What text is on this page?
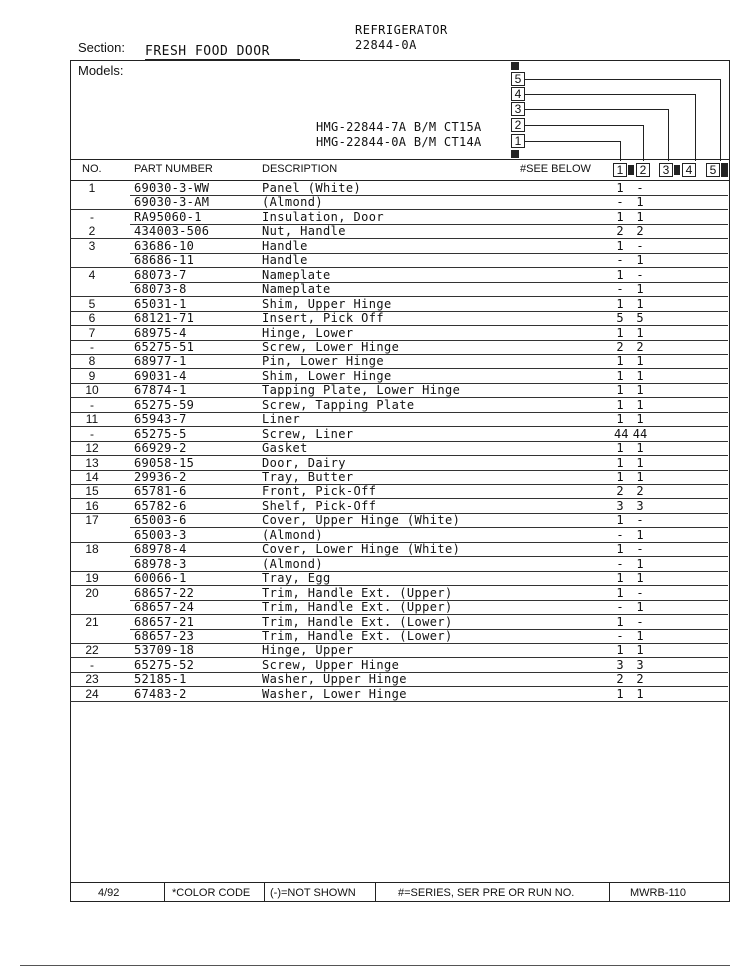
REFRIGERATOR
22844-0A
Section: FRESH FOOD DOOR
Models:
HMG-22844-7A B/M CT15A
HMG-22844-0A B/M CT14A
5
4
3
2
1
NO.	PART NUMBER	DESCRIPTION	#SEE BELOW	1	2	3	4	5
1	69030-3-WW	Panel (White)	1	-
69030-3-AM	(Almond)	-	1
-	RA95060-1	Insulation, Door	1	1
2	434003-506	Nut, Handle	2	2
3	63686-10	Handle	1	-
68686-11	Handle	-	1
4	68073-7	Nameplate	1	-
68073-8	Nameplate	-	1
5	65031-1	Shim, Upper Hinge	1	1
6	68121-71	Insert, Pick Off	5	5
7	68975-4	Hinge, Lower	1	1
-	65275-51	Screw, Lower Hinge	2	2
8	68977-1	Pin, Lower Hinge	1	1
9	69031-4	Shim, Lower Hinge	1	1
10	67874-1	Tapping Plate, Lower Hinge	1	1
-	65275-59	Screw, Tapping Plate	1	1
11	65943-7	Liner	1	1
-	65275-5	Screw, Liner	44 44
12	66929-2	Gasket	1	1
13	69058-15	Door, Dairy	1	1
14	29936-2	Tray, Butter	1	1
15	65781-6	Front, Pick-Off	2	2
16	65782-6	Shelf, Pick-Off	3	3
17	65003-6	Cover, Upper Hinge (White)	1	-
65003-3	(Almond)	-	1
18	68978-4	Cover, Lower Hinge (White)	1	-
68978-3	(Almond)	-	1
19	60066-1	Tray, Egg	1	1
20	68657-22	Trim, Handle Ext. (Upper)	1	-
68657-24	Trim, Handle Ext. (Upper)	-	1
21	68657-21	Trim, Handle Ext. (Lower)	1	-
68657-23	Trim, Handle Ext. (Lower)	-	1
22	53709-18	Hinge, Upper	1	1
-	65275-52	Screw, Upper Hinge	3	3
23	52185-1	Washer, Upper Hinge	2	2
24	67483-2	Washer, Lower Hinge	1	1
4/92	*COLOR CODE (-)=NOT SHOWN	#=SERIES, SER PRE OR RUN NO.	MWRB-110
